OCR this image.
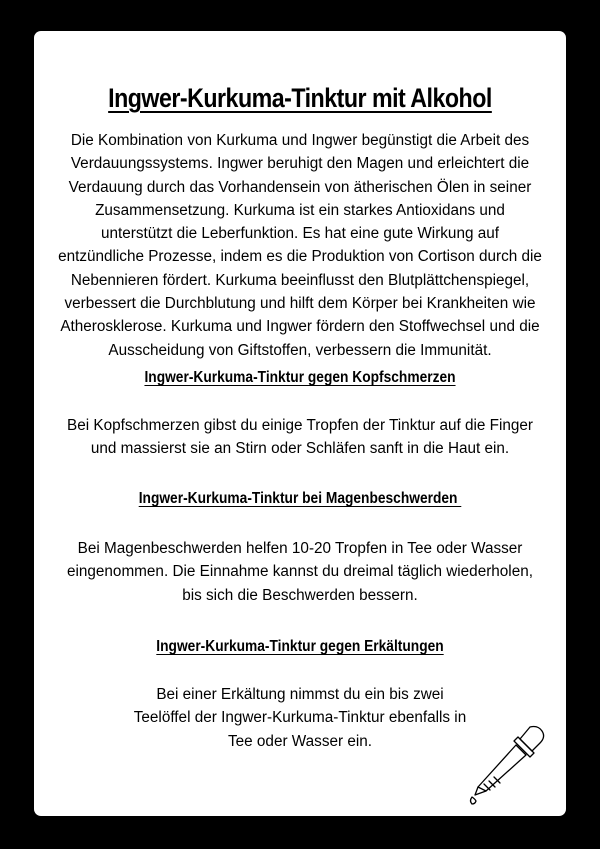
Ingwer-Kurkuma-Tinktur mit Alkohol

Die Kombination von Kurkuma und Ingwer begünstigt die Arbeit des
Verdauungssystems. Ingwer beruhigt den Magen und erleichtert die
Verdauung durch das Vorhandensein von ätherischen Ölen in seiner
Zusammensetzung. Kurkuma ist ein starkes Antioxidans und
unterstützt die Leberfunktion. Es hat eine gute Wirkung auf
entzündliche Prozesse, indem es die Produktion von Cortison durch die
Nebennieren fördert. Kurkuma beeinflusst den Blutplättchenspiegel,
verbessert die Durchblutung und hilft dem Körper bei Krankheiten wie
Atherosklerose. Kurkuma und Ingwer fördern den Stoffwechsel und die
Ausscheidung von Giftstoffen, verbessern die Immunität.

Ingwer-Kurkuma-Tinktur gegen Kopfschmerzen

Bei Kopfschmerzen gibst du einige Tropfen der Tinktur auf die Finger
und massierst sie an Stirn oder Schläfen sanft in die Haut ein.

Ingwer-Kurkuma-Tinktur bei Magenbeschwerden

Bei Magenbeschwerden helfen 10-20 Tropfen in Tee oder Wasser
eingenommen. Die Einnahme kannst du dreimal täglich wiederholen,
bis sich die Beschwerden bessern.

Ingwer-Kurkuma-Tinktur gegen Erkältungen

Bei einer Erkältung nimmst du ein bis zwei
Teelöffel der Ingwer-Kurkuma-Tinktur ebenfalls in
Tee oder Wasser ein.
